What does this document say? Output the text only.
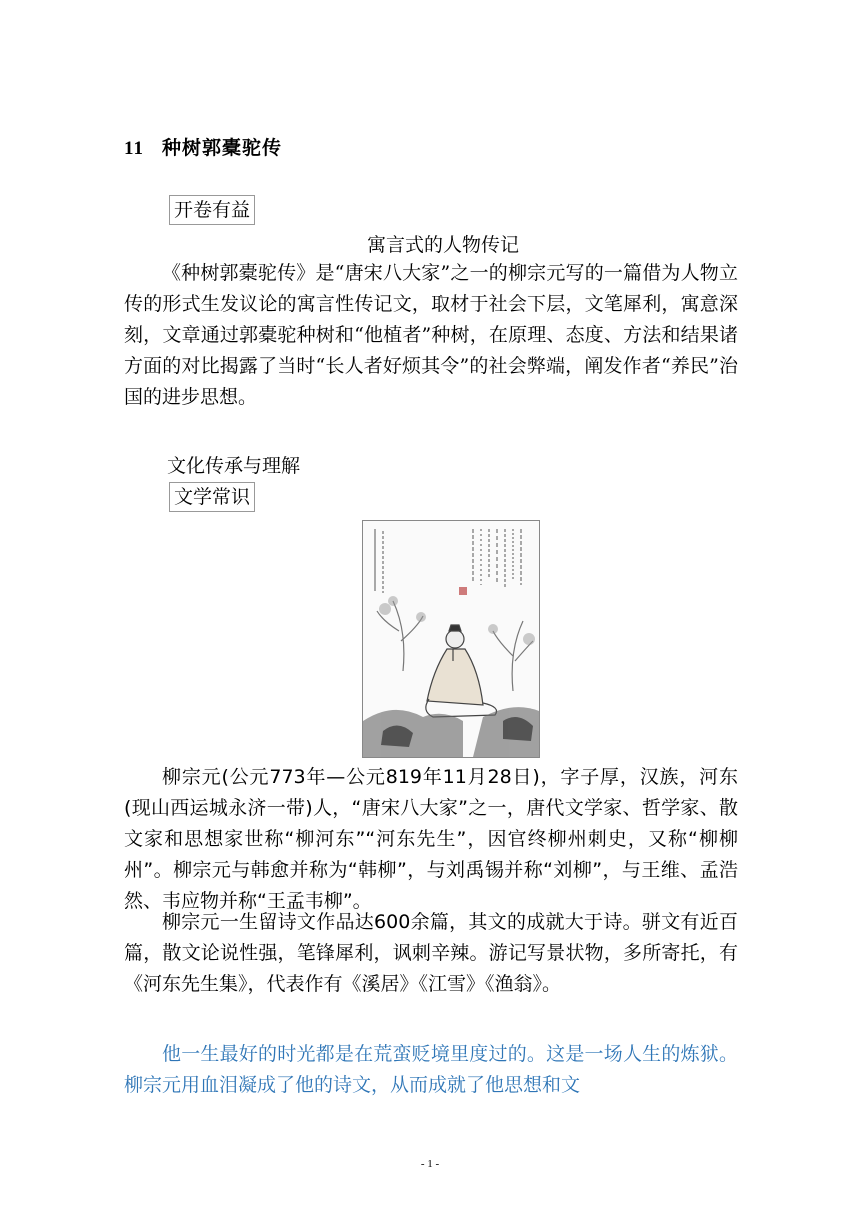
11 种树郭橐驼传
开卷有益
寓言式的人物传记

《种树郭橐驼传》是“唐宋八大家”之一的柳宗元写的一篇借为人物立传的形式生发议论的寓言性传记文，取材于社会下层，文笔犀利，寓意深刻，文章通过郭橐驼种树和“他植者”种树，在原理、态度、方法和结果诸方面的对比揭露了当时“长人者好烦其令”的社会弊端，阐发作者“养民”治国的进步思想。

文化传承与理解
文学常识

柳宗元(公元773年—公元819年11月28日)，字子厚，汉族，河东(现山西运城永济一带)人，“唐宋八大家”之一，唐代文学家、哲学家、散文家和思想家世称“柳河东”“河东先生”，因官终柳州刺史，又称“柳柳州”。柳宗元与韩愈并称为“韩柳”，与刘禹锡并称“刘柳”，与王维、孟浩然、韦应物并称“王孟韦柳”。

柳宗元一生留诗文作品达600余篇，其文的成就大于诗。骈文有近百篇，散文论说性强，笔锋犀利，讽刺辛辣。游记写景状物，多所寄托，有《河东先生集》，代表作有《溪居》《江雪》《渔翁》。

他一生最好的时光都是在荒蛮贬境里度过的。这是一场人生的炼狱。柳宗元用血泪凝成了他的诗文，从而成就了他思想和文

- 1 -
